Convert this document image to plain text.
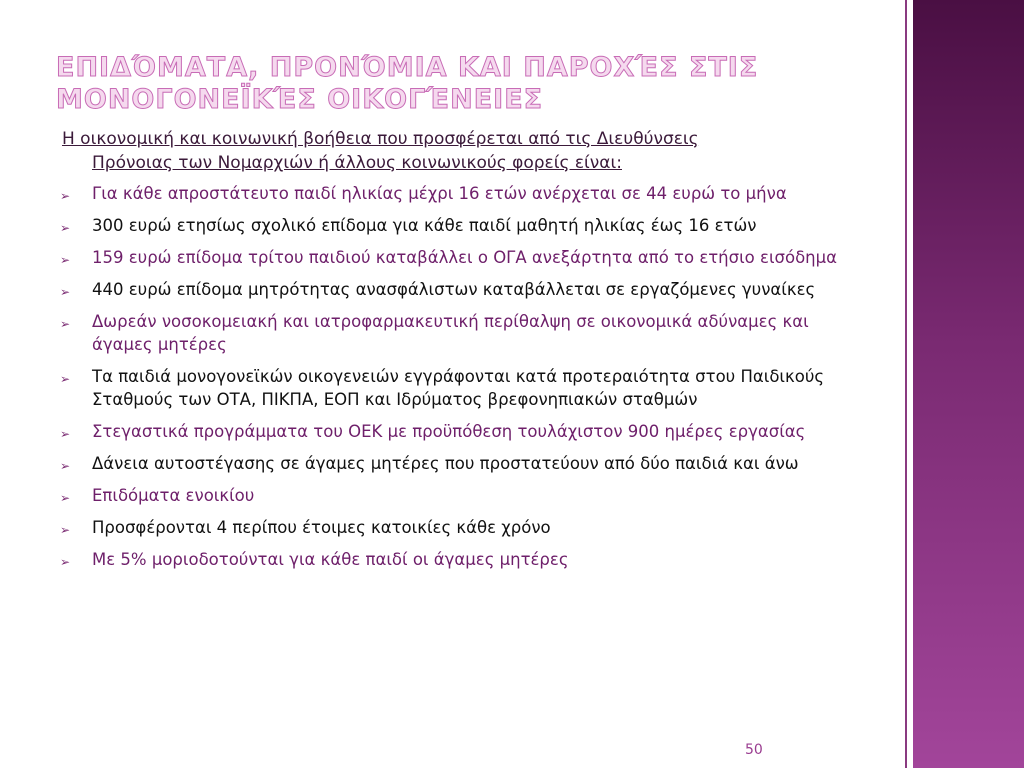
ΕΠΙΔΌΜΑΤΑ, ΠΡΟΝΌΜΙΑ ΚΑΙ ΠΑΡΟΧΈΣ ΣΤΙΣ ΜΟΝΟΓΟΝΕΪΚΈΣ ΟΙΚΟΓΈΝΕΙΕΣ
Η οικονομική και κοινωνική βοήθεια που προσφέρεται από τις Διευθύνσεις
Πρόνοιας των Νομαρχιών ή άλλους κοινωνικούς φορείς είναι:
➢ Για κάθε απροστάτευτο παιδί ηλικίας μέχρι 16 ετών ανέρχεται σε 44 ευρώ το μήνα
➢ 300 ευρώ ετησίως σχολικό επίδομα για κάθε παιδί μαθητή ηλικίας έως 16 ετών
➢ 159 ευρώ επίδομα τρίτου παιδιού καταβάλλει ο ΟΓΑ ανεξάρτητα από το ετήσιο εισόδημα
➢ 440 ευρώ επίδομα μητρότητας ανασφάλιστων καταβάλλεται σε εργαζόμενες γυναίκες
➢ Δωρεάν νοσοκομειακή και ιατροφαρμακευτική περίθαλψη σε οικονομικά αδύναμες και άγαμες μητέρες
➢ Τα παιδιά μονογονεϊκών οικογενειών εγγράφονται κατά προτεραιότητα στου Παιδικούς Σταθμούς των ΟΤΑ, ΠΙΚΠΑ, ΕΟΠ και Ιδρύματος βρεφονηπιακών σταθμών
➢ Στεγαστικά προγράμματα του ΟΕΚ με προϋπόθεση τουλάχιστον 900 ημέρες εργασίας
➢ Δάνεια αυτοστέγασης σε άγαμες μητέρες που προστατεύουν από δύο παιδιά και άνω
➢ Επιδόματα ενοικίου
➢ Προσφέρονται 4 περίπου έτοιμες κατοικίες κάθε χρόνο
➢ Με 5% μοριοδοτούνται για κάθε παιδί οι άγαμες μητέρες
50
